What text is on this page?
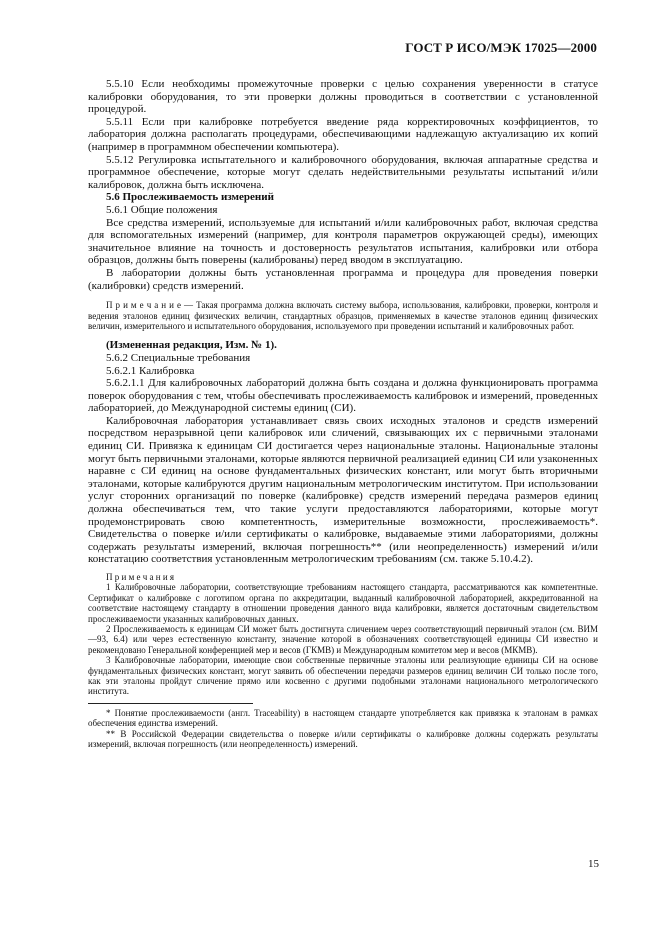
ГОСТ Р ИСО/МЭК 17025—2000

5.5.10 Если необходимы промежуточные проверки с целью сохранения уверенности в статусе калибровки оборудования, то эти проверки должны проводиться в соответствии с установленной процедурой.

5.5.11 Если при калибровке потребуется введение ряда корректировочных коэффициентов, то лаборатория должна располагать процедурами, обеспечивающими надлежащую актуализацию их копий (например в программном обеспечении компьютера).

5.5.12 Регулировка испытательного и калибровочного оборудования, включая аппаратные средства и программное обеспечение, которые могут сделать недействительными результаты испытаний и/или калибровок, должна быть исключена.

5.6 Прослеживаемость измерений

5.6.1 Общие положения

Все средства измерений, используемые для испытаний и/или калибровочных работ, включая средства для вспомогательных измерений (например, для контроля параметров окружающей среды), имеющих значительное влияние на точность и достоверность результатов испытания, калибровки или отбора образцов, должны быть поверены (калиброваны) перед вводом в эксплуатацию.

В лаборатории должны быть установленная программа и процедура для проведения поверки (калибровки) средств измерений.

П р и м е ч а н и е — Такая программа должна включать систему выбора, использования, калибровки, проверки, контроля и ведения эталонов единиц физических величин, стандартных образцов, применяемых в качестве эталонов единиц физических величин, измерительного и испытательного оборудования, используемого при проведении испытаний и калибровочных работ.

(Измененная редакция, Изм. № 1).

5.6.2 Специальные требования

5.6.2.1 Калибровка

5.6.2.1.1 Для калибровочных лабораторий должна быть создана и должна функционировать программа поверок оборудования с тем, чтобы обеспечивать прослеживаемость калибровок и измерений, проведенных лабораторией, до Международной системы единиц (СИ).

Калибровочная лаборатория устанавливает связь своих исходных эталонов и средств измерений посредством неразрывной цепи калибровок или сличений, связывающих их с первичными эталонами единиц СИ. Привязка к единицам СИ достигается через национальные эталоны. Национальные эталоны могут быть первичными эталонами, которые являются первичной реализацией единиц СИ или узаконенных наравне с СИ единиц на основе фундаментальных физических констант, или могут быть вторичными эталонами, которые калибруются другим национальным метрологическим институтом. При использовании услуг сторонних организаций по поверке (калибровке) средств измерений передача размеров единиц должна обеспечиваться тем, что такие услуги предоставляются лабораториями, которые могут продемонстрировать свою компетентность, измерительные возможности, прослеживаемость*. Свидетельства о поверке и/или сертификаты о калибровке, выдаваемые этими лабораториями, должны содержать результаты измерений, включая погрешность** (или неопределенность) измерений и/или констатацию соответствия установленным метрологическим требованиям (см. также 5.10.4.2).

П р и м е ч а н и я

1 Калибровочные лаборатории, соответствующие требованиям настоящего стандарта, рассматриваются как компетентные. Сертификат о калибровке с логотипом органа по аккредитации, выданный калибровочной лабораторией, аккредитованной на соответствие настоящему стандарту в отношении проведения данного вида калибровки, является достаточным свидетельством прослеживаемости указанных калибровочных данных.

2 Прослеживаемость к единицам СИ может быть достигнута сличением через соответствующий первичный эталон (см. ВИМ—93, 6.4) или через естественную константу, значение которой в обозначениях соответствующей единицы СИ известно и рекомендовано Генеральной конференцией мер и весов (ГКМВ) и Международным комитетом мер и весов (МКМВ).

3 Калибровочные лаборатории, имеющие свои собственные первичные эталоны или реализующие единицы СИ на основе фундаментальных физических констант, могут заявить об обеспечении передачи размеров единиц величин СИ только после того, как эти эталоны пройдут сличение прямо или косвенно с другими подобными эталонами национального метрологического института.

* Понятие прослеживаемости (англ. Traceability) в настоящем стандарте употребляется как привязка к эталонам в рамках обеспечения единства измерений.

** В Российской Федерации свидетельства о поверке и/или сертификаты о калибровке должны содержать результаты измерений, включая погрешность (или неопределенность) измерений.

15
